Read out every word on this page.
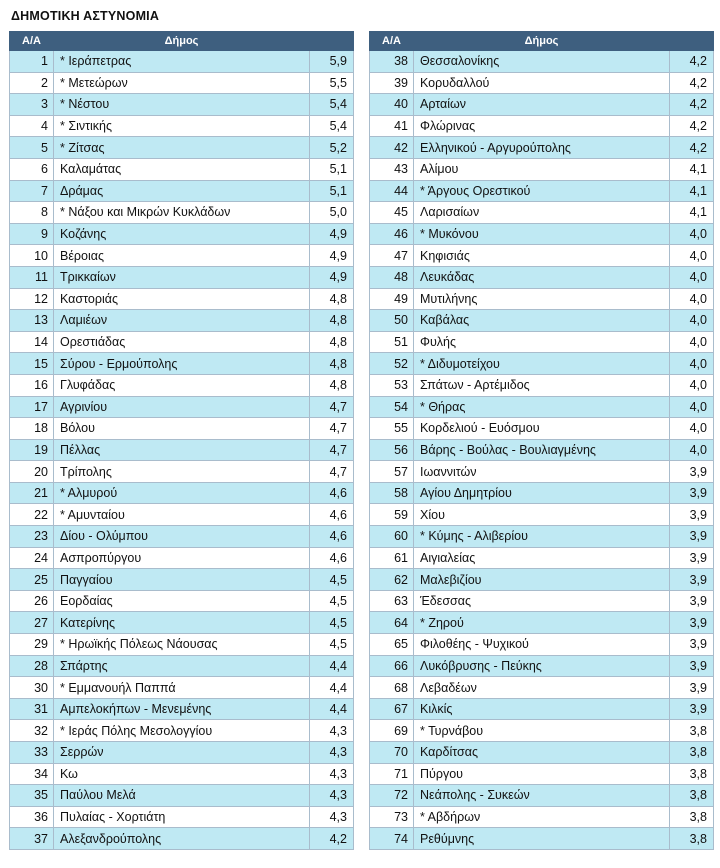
ΔΗΜΟΤΙΚΗ ΑΣΤΥΝΟΜΙΑ
Α/Α	Δήμος	
1	* Ιεράπετρας	5,9
2	* Μετεώρων	5,5
3	* Νέστου	5,4
4	* Σιντικής	5,4
5	* Ζίτσας	5,2
6	Καλαμάτας	5,1
7	Δράμας	5,1
8	* Νάξου και Μικρών Κυκλάδων	5,0
9	Κοζάνης	4,9
10	Βέροιας	4,9
11	Τρικκαίων	4,9
12	Καστοριάς	4,8
13	Λαμιέων	4,8
14	Ορεστιάδας	4,8
15	Σύρου - Ερμούπολης	4,8
16	Γλυφάδας	4,8
17	Αγρινίου	4,7
18	Βόλου	4,7
19	Πέλλας	4,7
20	Τρίπολης	4,7
21	* Αλμυρού	4,6
22	* Αμυνταίου	4,6
23	Δίου - Ολύμπου	4,6
24	Ασπροπύργου	4,6
25	Παγγαίου	4,5
26	Εορδαίας	4,5
27	Κατερίνης	4,5
29	* Ηρωϊκής Πόλεως Νάουσας	4,5
28	Σπάρτης	4,4
30	* Εμμανουήλ Παππά	4,4
31	Αμπελοκήπων - Μενεμένης	4,4
32	* Ιεράς Πόλης Μεσολογγίου	4,3
33	Σερρών	4,3
34	Κω	4,3
35	Παύλου Μελά	4,3
36	Πυλαίας - Χορτιάτη	4,3
37	Αλεξανδρούπολης	4,2
Α/Α	Δήμος	
38	Θεσσαλονίκης	4,2
39	Κορυδαλλού	4,2
40	Αρταίων	4,2
41	Φλώρινας	4,2
42	Ελληνικού - Αργυρούπολης	4,2
43	Αλίμου	4,1
44	* Άργους Ορεστικού	4,1
45	Λαρισαίων	4,1
46	* Μυκόνου	4,0
47	Κηφισιάς	4,0
48	Λευκάδας	4,0
49	Μυτιλήνης	4,0
50	Καβάλας	4,0
51	Φυλής	4,0
52	* Διδυμοτείχου	4,0
53	Σπάτων - Αρτέμιδος	4,0
54	* Θήρας	4,0
55	Κορδελιού - Ευόσμου	4,0
56	Βάρης - Βούλας - Βουλιαγμένης	4,0
57	Ιωαννιτών	3,9
58	Αγίου Δημητρίου	3,9
59	Χίου	3,9
60	* Κύμης - Αλιβερίου	3,9
61	Αιγιαλείας	3,9
62	Μαλεβιζίου	3,9
63	Έδεσσας	3,9
64	* Ζηρού	3,9
65	Φιλοθέης - Ψυχικού	3,9
66	Λυκόβρυσης - Πεύκης	3,9
68	Λεβαδέων	3,9
67	Κιλκίς	3,9
69	* Τυρνάβου	3,8
70	Καρδίτσας	3,8
71	Πύργου	3,8
72	Νεάπολης - Συκεών	3,8
73	* Αβδήρων	3,8
74	Ρεθύμνης	3,8
